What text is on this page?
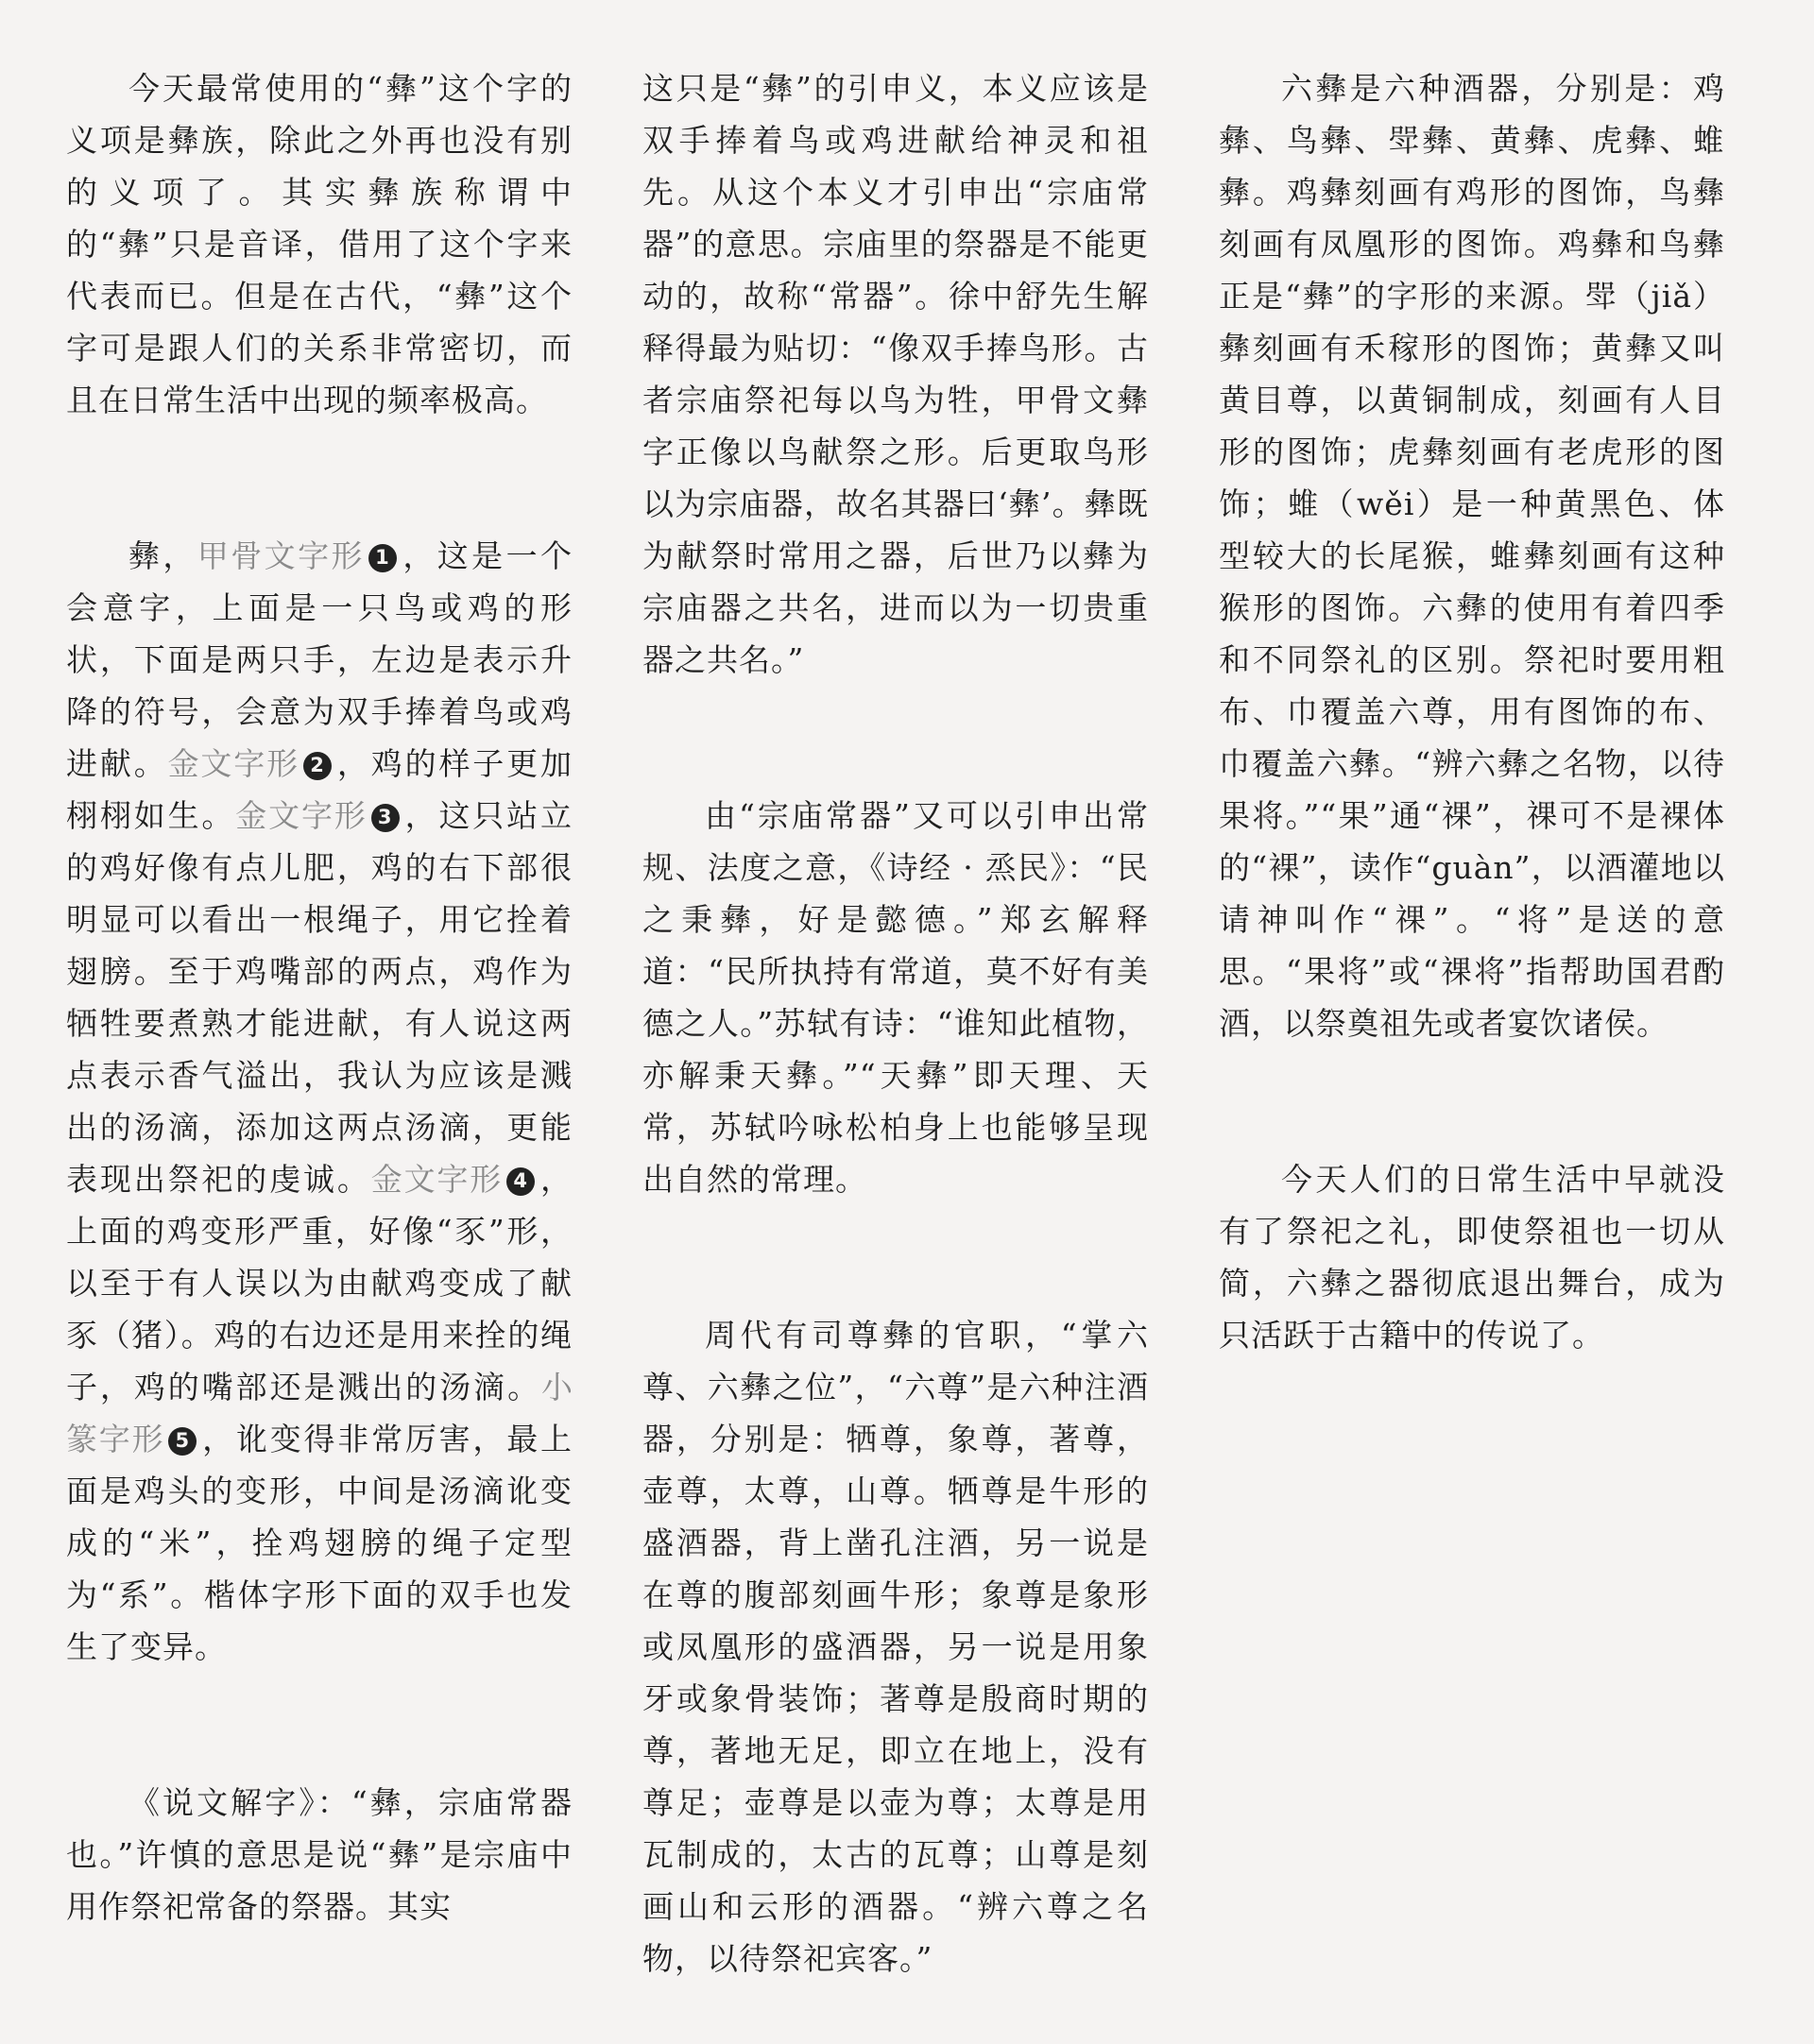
今天最常使用的“彝”这个字的义项是彝族，除此之外再也没有别的义项了。其实彝族称谓中的“彝”只是音译，借用了这个字来代表而已。但是在古代，“彝”这个字可是跟人们的关系非常密切，而且在日常生活中出现的频率极高。

彝，甲骨文字形 1 ，这是一个会意字，上面是一只鸟或鸡的形状，下面是两只手，左边是表示升降的符号，会意为双手捧着鸟或鸡进献。金文字形 2 ，鸡的样子更加栩栩如生。金文字形 3 ，这只站立的鸡好像有点儿肥，鸡的右下部很明显可以看出一根绳子，用它拴着翅膀。至于鸡嘴部的两点，鸡作为牺牲要煮熟才能进献，有人说这两点表示香气溢出，我认为应该是溅出的汤滴，添加这两点汤滴，更能表现出祭祀的虔诚。金文字形 4 ，上面的鸡变形严重，好像“豕”形，以至于有人误以为由献鸡变成了献豕（猪）。鸡的右边还是用来拴的绳子，鸡的嘴部还是溅出的汤滴。小篆字形 5 ，讹变得非常厉害，最上面是鸡头的变形，中间是汤滴讹变成的“米”，拴鸡翅膀的绳子定型为“系”。楷体字形下面的双手也发生了变异。

《说文解字》：“彝，宗庙常器也。”许慎的意思是说“彝”是宗庙中用作祭祀常备的祭器。其实

这只是“彝”的引申义，本义应该是双手捧着鸟或鸡进献给神灵和祖先。从这个本义才引申出“宗庙常器”的意思。宗庙里的祭器是不能更动的，故称“常器”。徐中舒先生解释得最为贴切：“像双手捧鸟形。古者宗庙祭祀每以鸟为牲，甲骨文彝字正像以鸟献祭之形。后更取鸟形以为宗庙器，故名其器曰‘彝’。彝既为献祭时常用之器，后世乃以彝为宗庙器之共名，进而以为一切贵重器之共名。”

由“宗庙常器”又可以引申出常规、法度之意，《诗经 · 烝民》：“民之秉彝，好是懿德。”郑玄解释道：“民所执持有常道，莫不好有美德之人。”苏轼有诗：“谁知此植物，亦解秉天彝。”“天彝”即天理、天常，苏轼吟咏松柏身上也能够呈现出自然的常理。

周代有司尊彝的官职，“掌六尊、六彝之位”，“六尊”是六种注酒器，分别是：牺尊，象尊，著尊，壶尊，太尊，山尊。牺尊是牛形的盛酒器，背上凿孔注酒，另一说是在尊的腹部刻画牛形；象尊是象形或凤凰形的盛酒器，另一说是用象牙或象骨装饰；著尊是殷商时期的尊，著地无足，即立在地上，没有尊足；壶尊是以壶为尊；太尊是用瓦制成的，太古的瓦尊；山尊是刻画山和云形的酒器。“辨六尊之名物，以待祭祀宾客。”

六彝是六种酒器，分别是：鸡彝、鸟彝、斝彝、黄彝、虎彝、蜼彝。鸡彝刻画有鸡形的图饰，鸟彝刻画有凤凰形的图饰。鸡彝和鸟彝正是“彝”的字形的来源。斝（jiǎ）彝刻画有禾稼形的图饰；黄彝又叫黄目尊，以黄铜制成，刻画有人目形的图饰；虎彝刻画有老虎形的图饰；蜼（wěi）是一种黄黑色、体型较大的长尾猴，蜼彝刻画有这种猴形的图饰。六彝的使用有着四季和不同祭礼的区别。祭祀时要用粗布、巾覆盖六尊，用有图饰的布、巾覆盖六彝。“辨六彝之名物，以待果将。”“果”通“祼”，祼可不是裸体的“裸”，读作“guàn”，以酒灌地以请神叫作“祼”。“将”是送的意思。“果将”或“祼将”指帮助国君酌酒，以祭奠祖先或者宴饮诸侯。

今天人们的日常生活中早就没有了祭祀之礼，即使祭祖也一切从简，六彝之器彻底退出舞台，成为只活跃于古籍中的传说了。
